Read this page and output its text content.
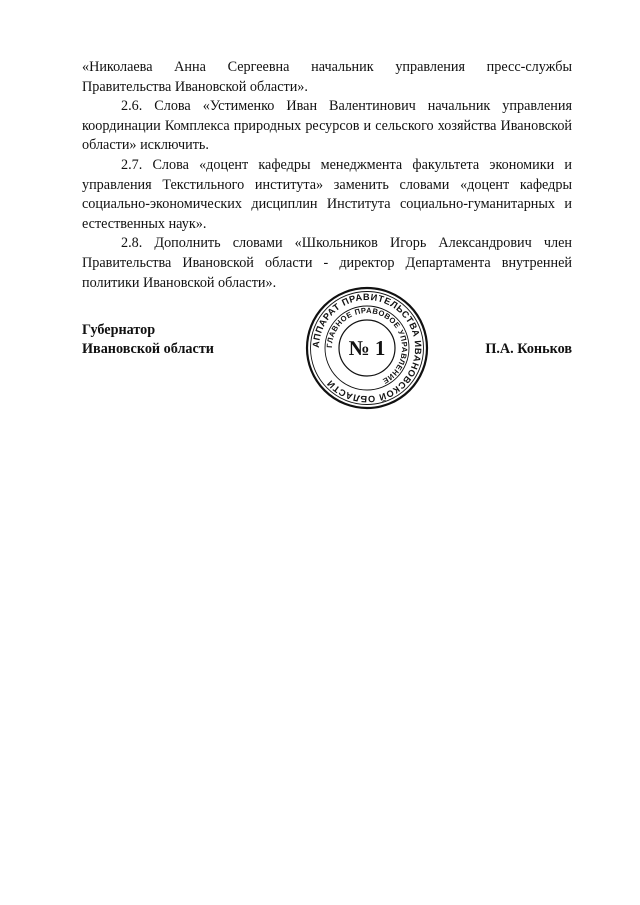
«Николаева Анна Сергеевна начальник управления пресс-службы Правительства Ивановской области».

2.6. Слова «Устименко Иван Валентинович начальник управления координации Комплекса природных ресурсов и сельского хозяйства Ивановской области» исключить.

2.7. Слова «доцент кафедры менеджмента факультета экономики и управления Текстильного института» заменить словами «доцент кафедры социально-экономических дисциплин Института социально-гуманитарных и естественных наук».

2.8. Дополнить словами «Школьников Игорь Александрович член Правительства Ивановской области - директор Департамента внутренней политики Ивановской области».

Губернатор
Ивановской области	П.А. Коньков
АППАРАТ ПРАВИТЕЛЬСТВА ИВАНОВСКОЙ ОБЛАСТИ
ГЛАВНОЕ ПРАВОВОЕ УПРАВЛЕНИЕ
№ 1
